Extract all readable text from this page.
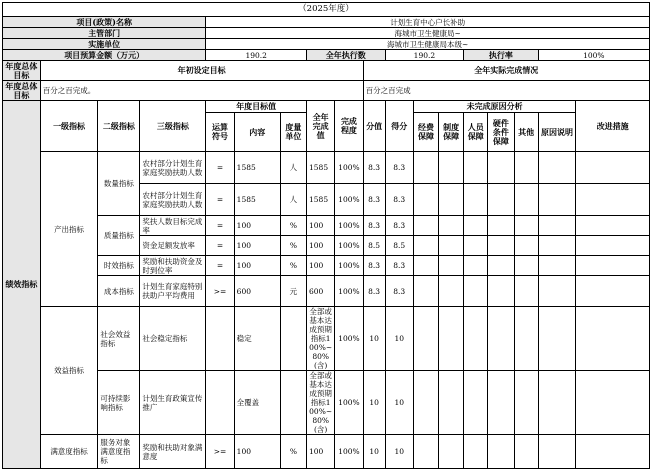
（2025年度）																	
项目(政策)名称				计划生育中心户长补助													
主管部门				海城市卫生健康局~													
实施单位				海城市卫生健康局本级~													
项目预算金额（万元）				190.2			全年执行数			190.2			执行率			100%	
年度总体目标	年初设定目标								全年实际完成情况								
年度总体目标	百分之百完成。								百分之百完成								
绩效指标	一级指标	二级指标	三级指标	年度目标值			全年完成值	完成程度	分值	得分	未完成原因分析						改进措施
				运算符号	内容	度量单位					经费保障	制度保障	人员保障	硬件条件保障	其他	原因说明	
	产出指标	数量指标	农村部分计划生育家庭奖励扶助人数	=	1585	人	1585	100%	8.3	8.3							
			农村部分计划生育家庭奖励扶助人数	=	1585	人	1585	100%	8.3	8.3							
		质量指标	奖扶人数目标完成率	=	100	%	100	100%	8.3	8.3							
			资金足额发放率	=	100	%	100	100%	8.5	8.5							
		时效指标	奖励和扶助资金及时到位率	=	100	%	100	100%	8.3	8.3							
		成本指标	计划生育家庭特别扶助户平均费用	>=	600	元	600	100%	8.3	8.3							
	效益指标	社会效益指标	社会稳定指标		稳定		全部或基本达成预期指标100%~80%(含)	100%	10	10							
		可持续影响指标	计划生育政策宣传推广		全覆盖		全部或基本达成预期指标100%~80%(含)	100%	10	10							
	满意度指标	服务对象满意度指标	奖励和扶助对象满意度	>=	100	%	100	100%	10	10							
